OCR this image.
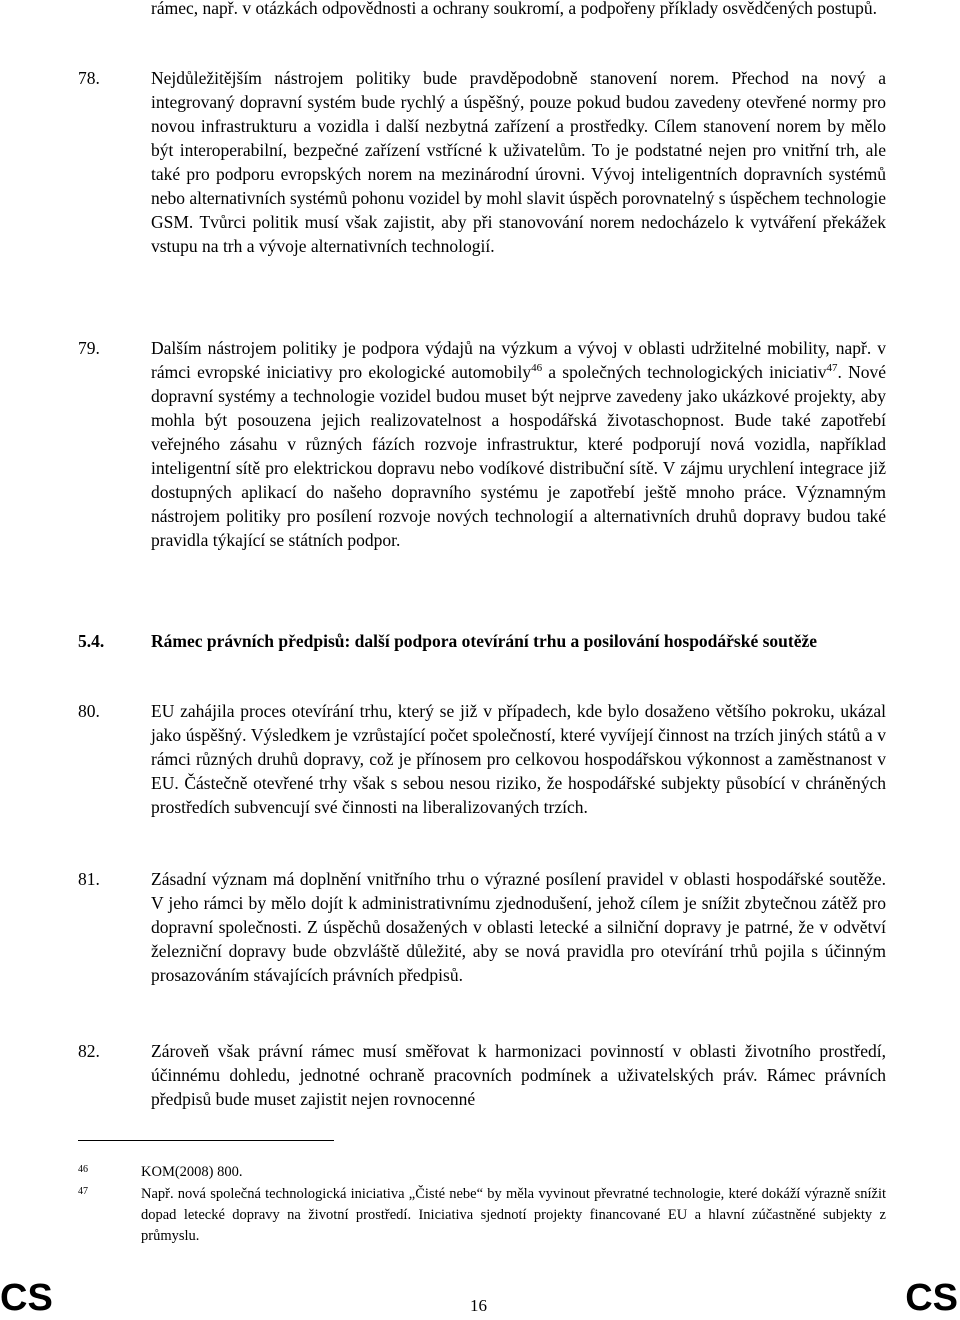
rámec, např. v otázkách odpovědnosti a ochrany soukromí, a podpořeny příklady osvědčených postupů.
78.	Nejdůležitějším nástrojem politiky bude pravděpodobně stanovení norem. Přechod na nový a integrovaný dopravní systém bude rychlý a úspěšný, pouze pokud budou zavedeny otevřené normy pro novou infrastrukturu a vozidla i další nezbytná zařízení a prostředky. Cílem stanovení norem by mělo být interoperabilní, bezpečné zařízení vstřícné k uživatelům. To je podstatné nejen pro vnitřní trh, ale také pro podporu evropských norem na mezinárodní úrovni. Vývoj inteligentních dopravních systémů nebo alternativních systémů pohonu vozidel by mohl slavit úspěch porovnatelný s úspěchem technologie GSM. Tvůrci politik musí však zajistit, aby při stanovování norem nedocházelo k vytváření překážek vstupu na trh a vývoje alternativních technologií.
79.	Dalším nástrojem politiky je podpora výdajů na výzkum a vývoj v oblasti udržitelné mobility, např. v rámci evropské iniciativy pro ekologické automobily$^{46}$ a společných technologických iniciativ$^{47}$. Nové dopravní systémy a technologie vozidel budou muset být nejprve zavedeny jako ukázkové projekty, aby mohla být posouzena jejich realizovatelnost a hospodářská životaschopnost. Bude také zapotřebí veřejného zásahu v různých fázích rozvoje infrastruktur, které podporují nová vozidla, například inteligentní sítě pro elektrickou dopravu nebo vodíkové distribuční sítě. V zájmu urychlení integrace již dostupných aplikací do našeho dopravního systému je zapotřebí ještě mnoho práce. Významným nástrojem politiky pro posílení rozvoje nových technologií a alternativních druhů dopravy budou také pravidla týkající se státních podpor.
5.4.	Rámec právních předpisů: další podpora otevírání trhu a posilování hospodářské soutěže
80.	EU zahájila proces otevírání trhu, který se již v případech, kde bylo dosaženo většího pokroku, ukázal jako úspěšný. Výsledkem je vzrůstající počet společností, které vyvíjejí činnost na trzích jiných států a v rámci různých druhů dopravy, což je přínosem pro celkovou hospodářskou výkonnost a zaměstnanost v EU. Částečně otevřené trhy však s sebou nesou riziko, že hospodářské subjekty působící v chráněných prostředích subvencují své činnosti na liberalizovaných trzích.
81.	Zásadní význam má doplnění vnitřního trhu o výrazné posílení pravidel v oblasti hospodářské soutěže. V jeho rámci by mělo dojít k administrativnímu zjednodušení, jehož cílem je snížit zbytečnou zátěž pro dopravní společnosti. Z úspěchů dosažených v oblasti letecké a silniční dopravy je patrné, že v odvětví železniční dopravy bude obzvláště důležité, aby se nová pravidla pro otevírání trhů pojila s účinným prosazováním stávajících právních předpisů.
82.	Zároveň však právní rámec musí směřovat k harmonizaci povinností v oblasti životního prostředí, účinnému dohledu, jednotné ochraně pracovních podmínek a uživatelských práv. Rámec právních předpisů bude muset zajistit nejen rovnocenné
46	KOM(2008) 800.
47	Např. nová společná technologická iniciativa „Čisté nebe“ by měla vyvinout převratné technologie, které dokáží výrazně snížit dopad letecké dopravy na životní prostředí. Iniciativa sjednotí projekty financované EU a hlavní zúčastněné subjekty z průmyslu.
CS	16	CS
